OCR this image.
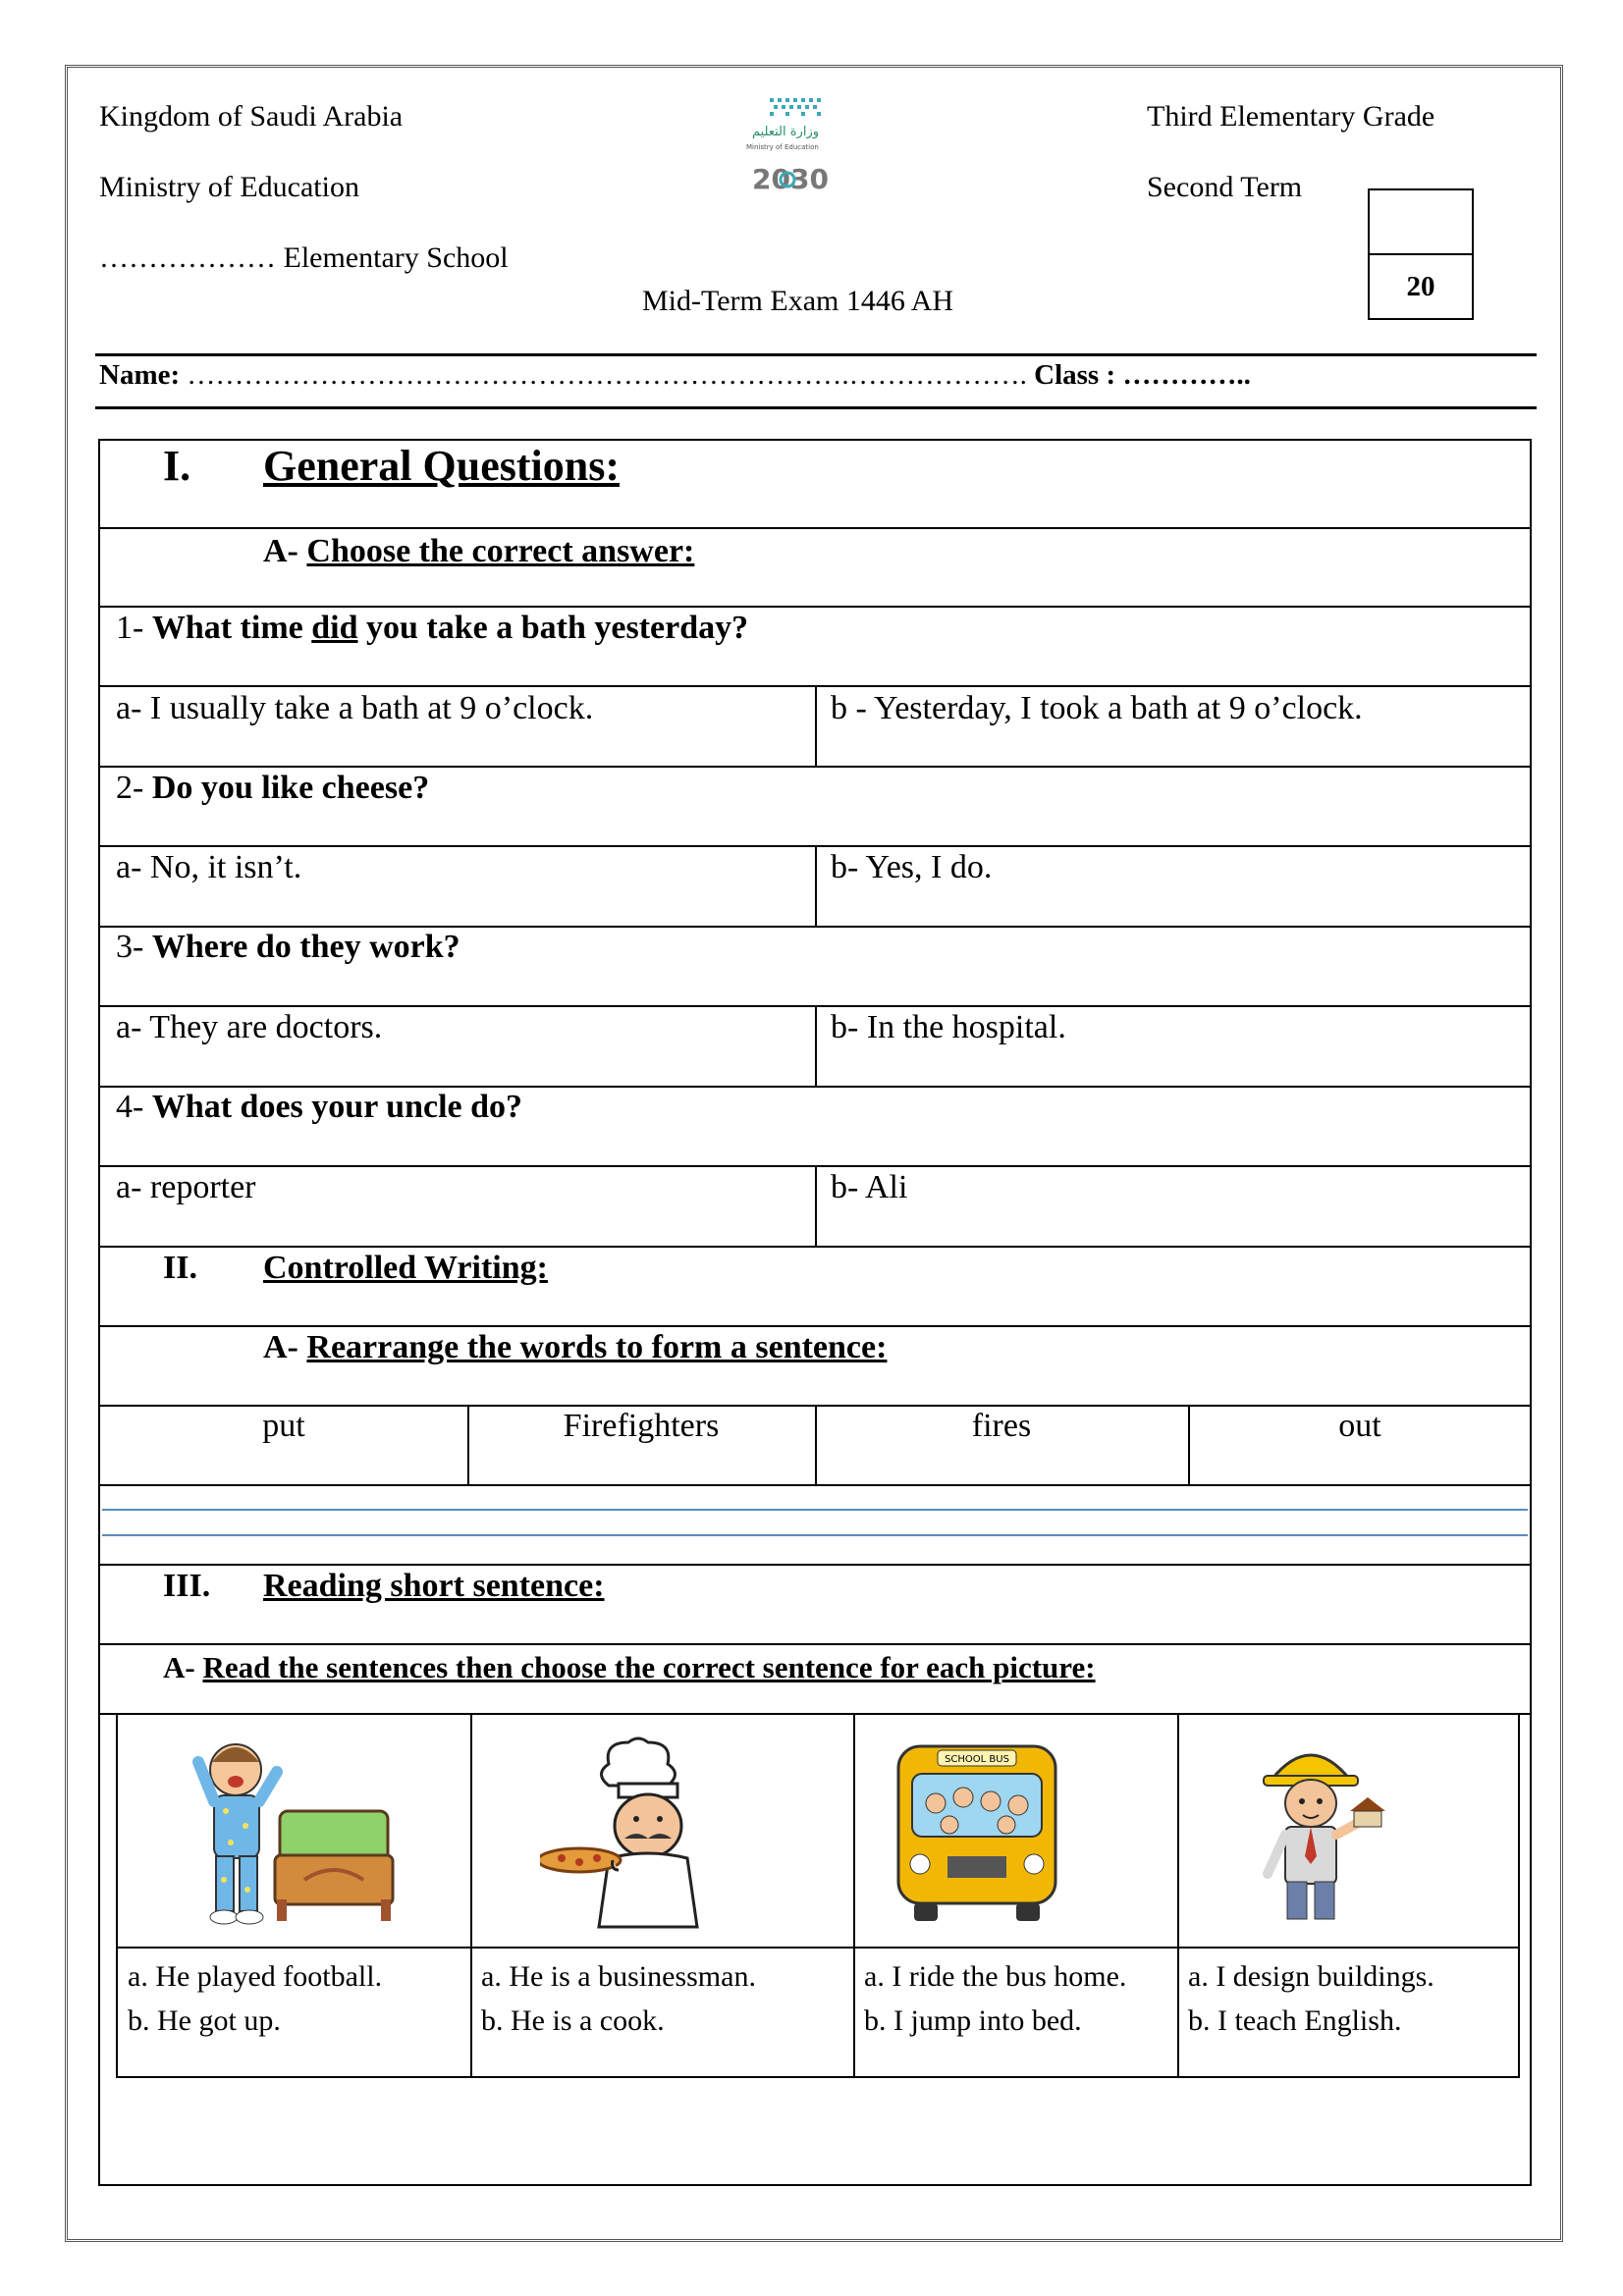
Kingdom of Saudi Arabia
Ministry of Education
……………… Elementary School
Third Elementary Grade
Second Term
Mid-Term Exam 1446 AH
وزارة التعليم
Ministry of Education
2030
20
Name: …………………………………………………………….………………. Class : …………..
I. General Questions:
A- Choose the correct answer:
1- What time did you take a bath yesterday?
a- I usually take a bath at 9 o’clock.	b - Yesterday, I took a bath at 9 o’clock.
2- Do you like cheese?
a- No, it isn’t.	b- Yes, I do.
3- Where do they work?
a- They are doctors.	b- In the hospital.
4- What does your uncle do?
a- reporter	b- Ali
II. Controlled Writing:
A- Rearrange the words to form a sentence:
put	Firefighters	fires	out
III. Reading short sentence:
A- Read the sentences then choose the correct sentence for each picture:
SCHOOL BUS
a. He played football.
b. He got up.
a. He is a businessman.
b. He is a cook.
a. I ride the bus home.
b. I jump into bed.
a. I design buildings.
b. I teach English.
